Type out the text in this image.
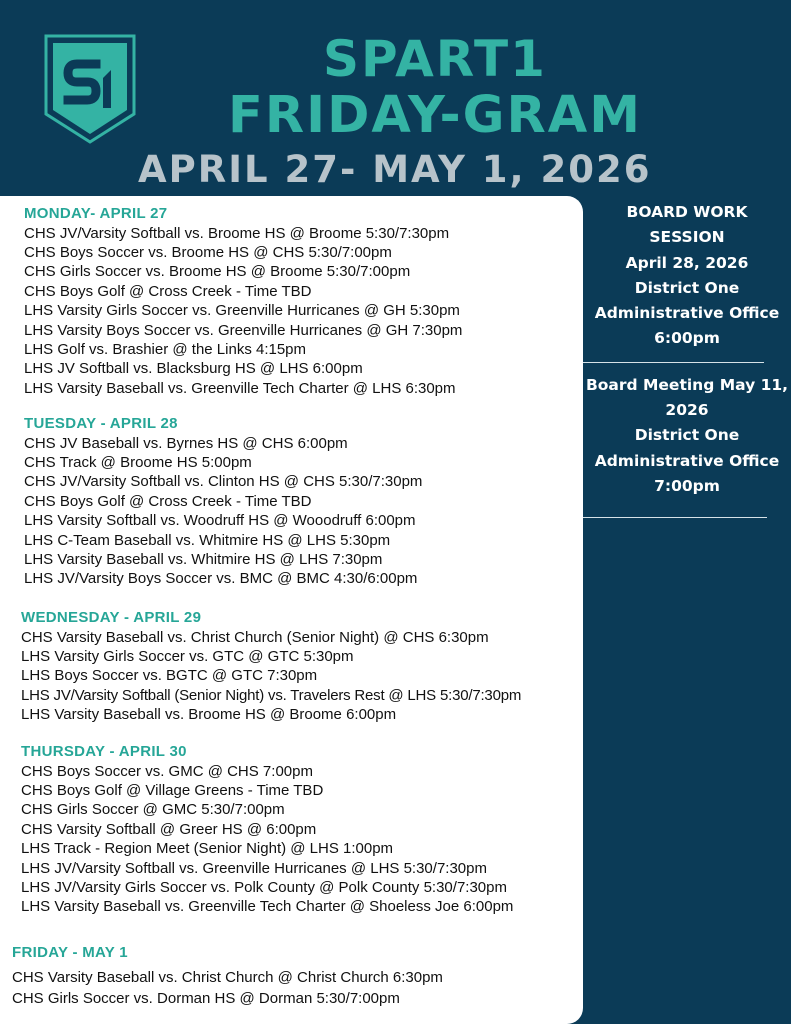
SPART1
FRIDAY-GRAM
APRIL 27- MAY 1, 2026

MONDAY- APRIL 27

CHS JV/Varsity Softball vs. Broome HS @ Broome 5:30/7:30pm

CHS Boys Soccer vs. Broome HS @ CHS 5:30/7:00pm

CHS Girls Soccer vs. Broome HS @ Broome 5:30/7:00pm

CHS Boys Golf @ Cross Creek - Time TBD

LHS Varsity Girls Soccer vs. Greenville Hurricanes @ GH 5:30pm

LHS Varsity Boys Soccer vs. Greenville Hurricanes @ GH 7:30pm

LHS Golf vs. Brashier @ the Links 4:15pm

LHS JV Softball vs. Blacksburg HS @ LHS 6:00pm

LHS Varsity Baseball vs. Greenville Tech Charter @ LHS 6:30pm

TUESDAY - APRIL 28

CHS JV Baseball vs. Byrnes HS @ CHS 6:00pm

CHS Track @ Broome HS 5:00pm

CHS JV/Varsity Softball vs. Clinton HS @ CHS 5:30/7:30pm

CHS Boys Golf @ Cross Creek - Time TBD

LHS Varsity Softball vs. Woodruff HS @ Wooodruff 6:00pm

LHS C-Team Baseball vs. Whitmire HS @ LHS 5:30pm

LHS Varsity Baseball vs. Whitmire HS @ LHS 7:30pm

LHS JV/Varsity Boys Soccer vs. BMC @ BMC 4:30/6:00pm

WEDNESDAY - APRIL 29

CHS Varsity Baseball vs. Christ Church (Senior Night) @ CHS 6:30pm

LHS Varsity Girls Soccer vs. GTC @ GTC 5:30pm

LHS Boys Soccer vs. BGTC @ GTC 7:30pm

LHS JV/Varsity Softball (Senior Night) vs. Travelers Rest @ LHS 5:30/7:30pm

LHS Varsity Baseball vs. Broome HS @ Broome 6:00pm

THURSDAY - APRIL 30

CHS Boys Soccer vs. GMC @ CHS 7:00pm

CHS Boys Golf @ Village Greens - Time TBD

CHS Girls Soccer @ GMC 5:30/7:00pm

CHS Varsity Softball @ Greer HS @ 6:00pm

LHS Track - Region Meet (Senior Night) @ LHS 1:00pm

LHS JV/Varsity Softball vs. Greenville Hurricanes @ LHS 5:30/7:30pm

LHS JV/Varsity Girls Soccer vs. Polk County @ Polk County 5:30/7:30pm

LHS Varsity Baseball vs. Greenville Tech Charter @ Shoeless Joe 6:00pm

FRIDAY - MAY 1

CHS Varsity Baseball vs. Christ Church @ Christ Church 6:30pm

CHS Girls Soccer vs. Dorman HS @ Dorman 5:30/7:00pm

BOARD WORK

SESSION

April 28, 2026

District One

Administrative Office

6:00pm

Board Meeting May 11,

2026

District One

Administrative Office

7:00pm
